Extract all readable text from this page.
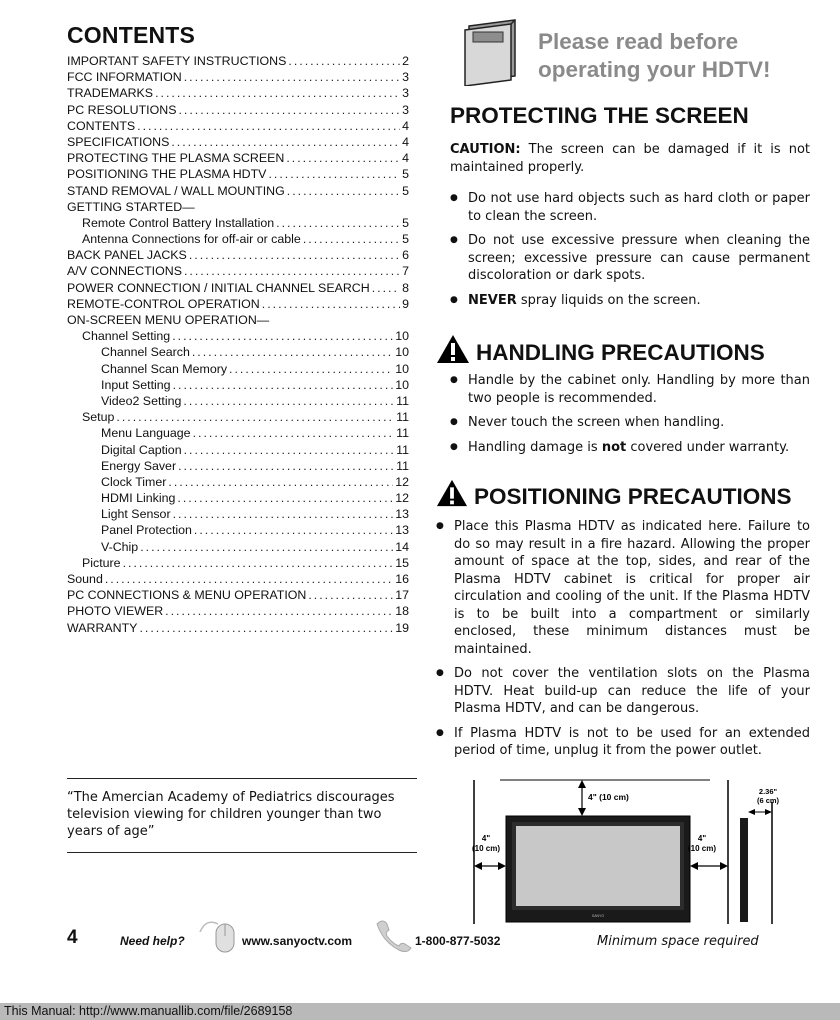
CONTENTS
IMPORTANT SAFETY INSTRUCTIONS .....	2
FCC INFORMATION .....	3
TRADEMARKS .....	3
PC RESOLUTIONS .....	3
CONTENTS .....	4
SPECIFICATIONS .....	4
PROTECTING THE PLASMA SCREEN .....	4
POSITIONING THE PLASMA HDTV .....	5
STAND REMOVAL / WALL MOUNTING .....	5
GETTING STARTED—
Remote Control Battery Installation .....	5
Antenna Connections for off-air or cable .....	5
BACK PANEL JACKS .....	6
A/V CONNECTIONS .....	7
POWER CONNECTION / INITIAL CHANNEL SEARCH .....	8
REMOTE-CONTROL OPERATION .....	9
ON-SCREEN MENU OPERATION—
Channel Setting .....	10
Channel Search .....	10
Channel Scan Memory .....	10
Input Setting .....	10
Video2 Setting .....	11
Setup .....	11
Menu Language .....	11
Digital Caption .....	11
Energy Saver .....	11
Clock Timer .....	12
HDMI Linking .....	12
Light Sensor .....	13
Panel Protection .....	13
V-Chip .....	14
Picture .....	15
Sound .....	16
PC CONNECTIONS & MENU OPERATION .....	17
PHOTO VIEWER .....	18
WARRANTY .....	19
“The Amercian Academy of Pediatrics discourages television viewing for children younger than two years of age”
Please read before
operating your HDTV!
PROTECTING THE SCREEN

CAUTION: The screen can be damaged if it is not maintained properly.

● Do not use hard objects such as hard cloth or paper to clean the screen.
● Do not use excessive pressure when cleaning the screen; excessive pressure can cause permanent discoloration or dark spots.
● NEVER spray liquids on the screen.
HANDLING PRECAUTIONS
● Handle by the cabinet only. Handling by more than two people is recommended.
● Never touch the screen when handling.
● Handling damage is not covered under warranty.
POSITIONING PRECAUTIONS
● Place this Plasma HDTV as indicated here. Failure to do so may result in a fire hazard. Allowing the proper amount of space at the top, sides, and rear of the Plasma HDTV cabinet is critical for proper air circulation and cooling of the unit. If the Plasma HDTV is to be built into a compartment or similarly enclosed, these minimum distances must be maintained.
● Do not cover the ventilation slots on the Plasma HDTV. Heat build-up can reduce the life of your Plasma HDTV, and can be dangerous.
● If Plasma HDTV is not to be used for an extended period of time, unplug it from the power outlet.
4" (10 cm)
SANYO
4"
(10 cm)
4"
(10 cm)
2.36"
(6 cm)
4	Need help?	www.sanyoctv.com	1-800-877-5032	Minimum space required
This Manual: http://www.manuallib.com/file/2689158
